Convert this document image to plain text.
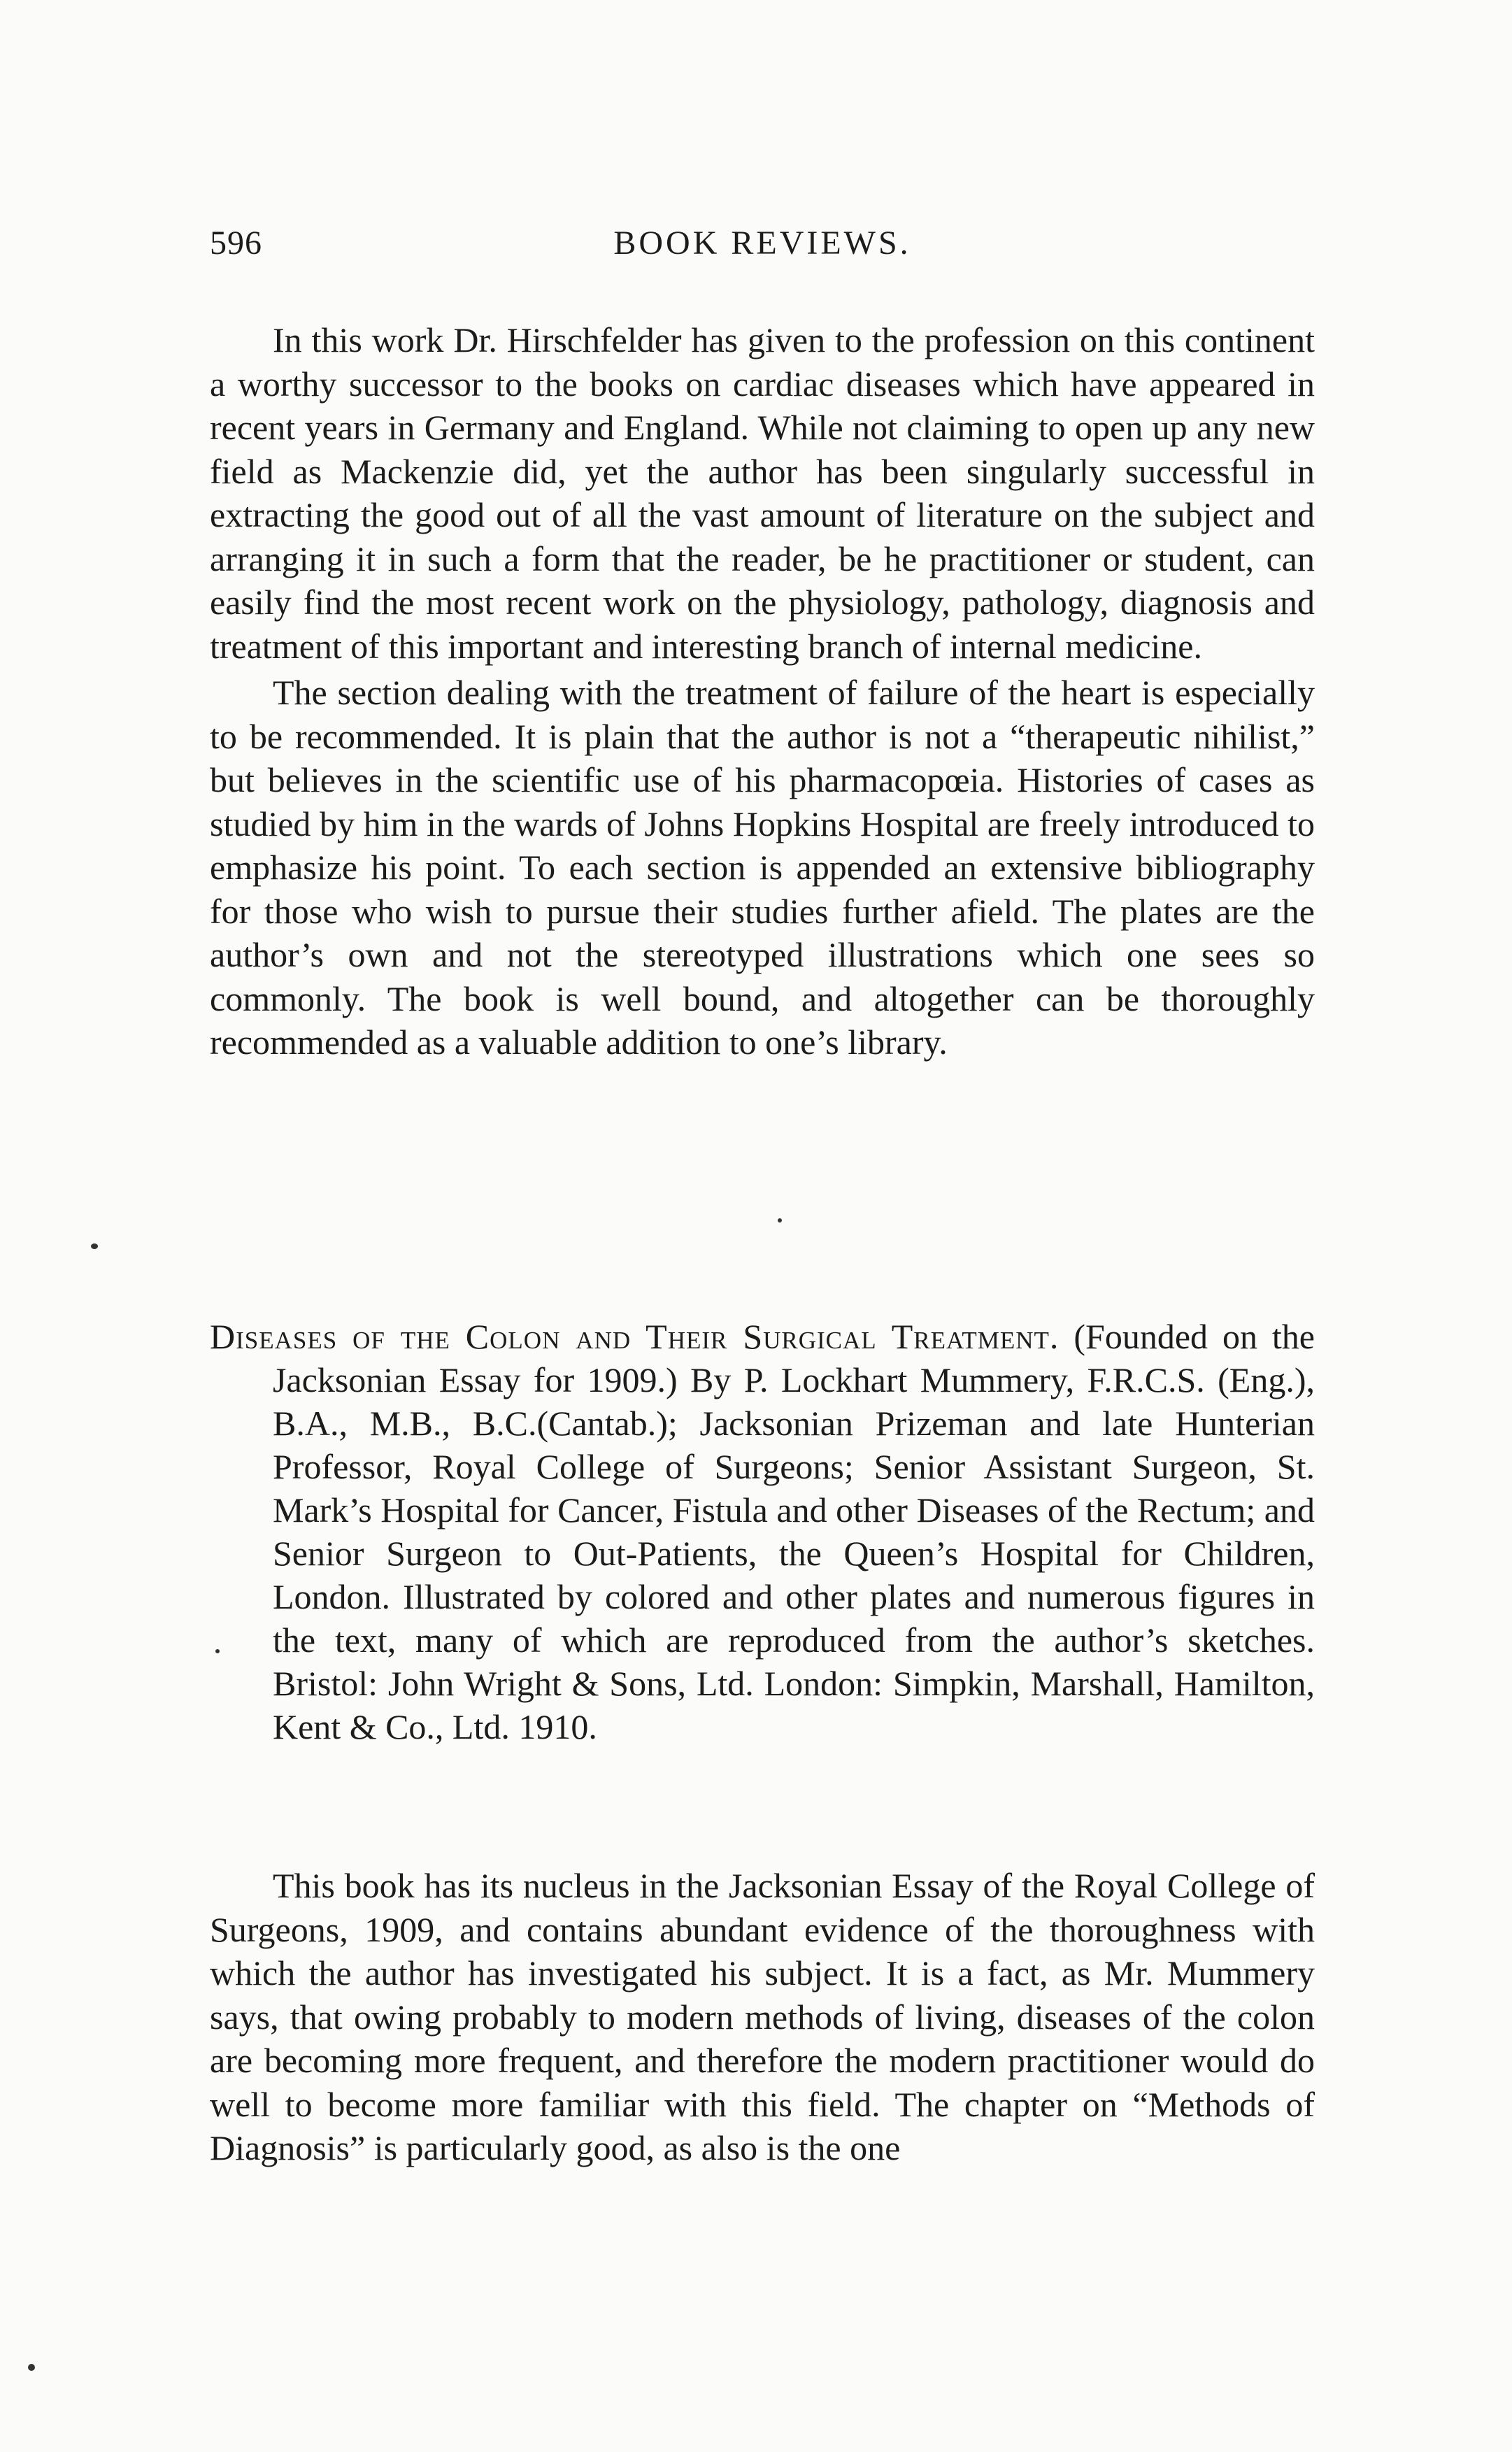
596	BOOK REVIEWS.

In this work Dr. Hirschfelder has given to the profession on this continent a worthy successor to the books on cardiac diseases which have appeared in recent years in Germany and England. While not claiming to open up any new field as Mackenzie did, yet the author has been singularly successful in extracting the good out of all the vast amount of literature on the subject and arranging it in such a form that the reader, be he practitioner or student, can easily find the most recent work on the physiology, pathology, diagnosis and treatment of this important and interesting branch of internal medicine.

The section dealing with the treatment of failure of the heart is especially to be recommended. It is plain that the author is not a “therapeutic nihilist,” but believes in the scientific use of his pharmacopœia. Histories of cases as studied by him in the wards of Johns Hopkins Hospital are freely introduced to emphasize his point. To each section is appended an extensive bibliography for those who wish to pursue their studies further afield. The plates are the author’s own and not the stereotyped illustrations which one sees so commonly. The book is well bound, and altogether can be thoroughly recommended as a valuable addition to one’s library.

Diseases of the Colon and Their Surgical Treatment. (Founded on the Jacksonian Essay for 1909.) By P. Lockhart Mummery, F.R.C.S. (Eng.), B.A., M.B., B.C.(Cantab.); Jacksonian Prizeman and late Hunterian Professor, Royal College of Surgeons; Senior Assistant Surgeon, St. Mark’s Hospital for Cancer, Fistula and other Diseases of the Rectum; and Senior Surgeon to Out-Patients, the Queen’s Hospital for Children, London. Illustrated by colored and other plates and numerous figures in the text, many of which are reproduced from the author’s sketches. Bristol: John Wright & Sons, Ltd. London: Simpkin, Marshall, Hamilton, Kent & Co., Ltd. 1910.

This book has its nucleus in the Jacksonian Essay of the Royal College of Surgeons, 1909, and contains abundant evidence of the thoroughness with which the author has investigated his subject. It is a fact, as Mr. Mummery says, that owing probably to modern methods of living, diseases of the colon are becoming more frequent, and therefore the modern practitioner would do well to become more familiar with this field. The chapter on “Methods of Diagnosis” is particularly good, as also is the one
